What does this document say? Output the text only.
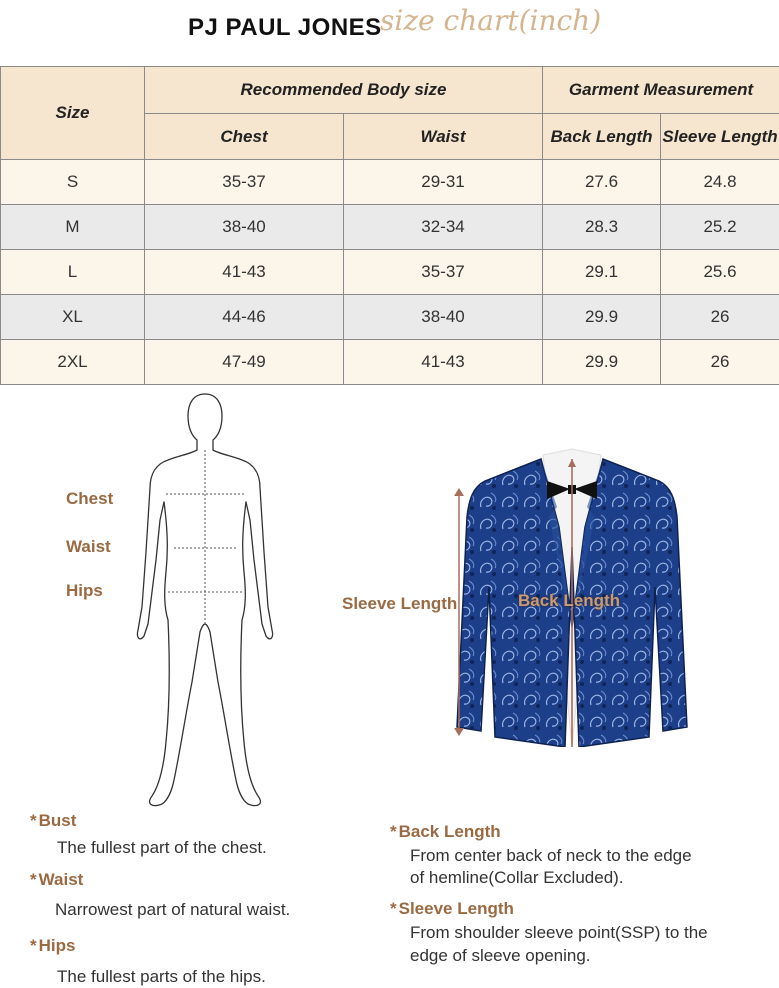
PJ PAUL JONES
size chart(inch)
Size	Recommended Body size		Garment Measurement	
	Chest	Waist	Back Length	Sleeve Length
S	35-37	29-31	27.6	24.8
M	38-40	32-34	28.3	25.2
L	41-43	35-37	29.1	25.6
XL	44-46	38-40	29.9	26
2XL	47-49	41-43	29.9	26
Chest
Waist
Hips
Sleeve Length	Back Length
* Bust
The fullest part of the chest.
* Waist
Narrowest part of natural waist.
* Hips
The fullest parts of the hips.
* Back Length
From center back of neck to the edge
of hemline(Collar Excluded).
* Sleeve Length
From shoulder sleeve point(SSP) to the
edge of sleeve opening.
